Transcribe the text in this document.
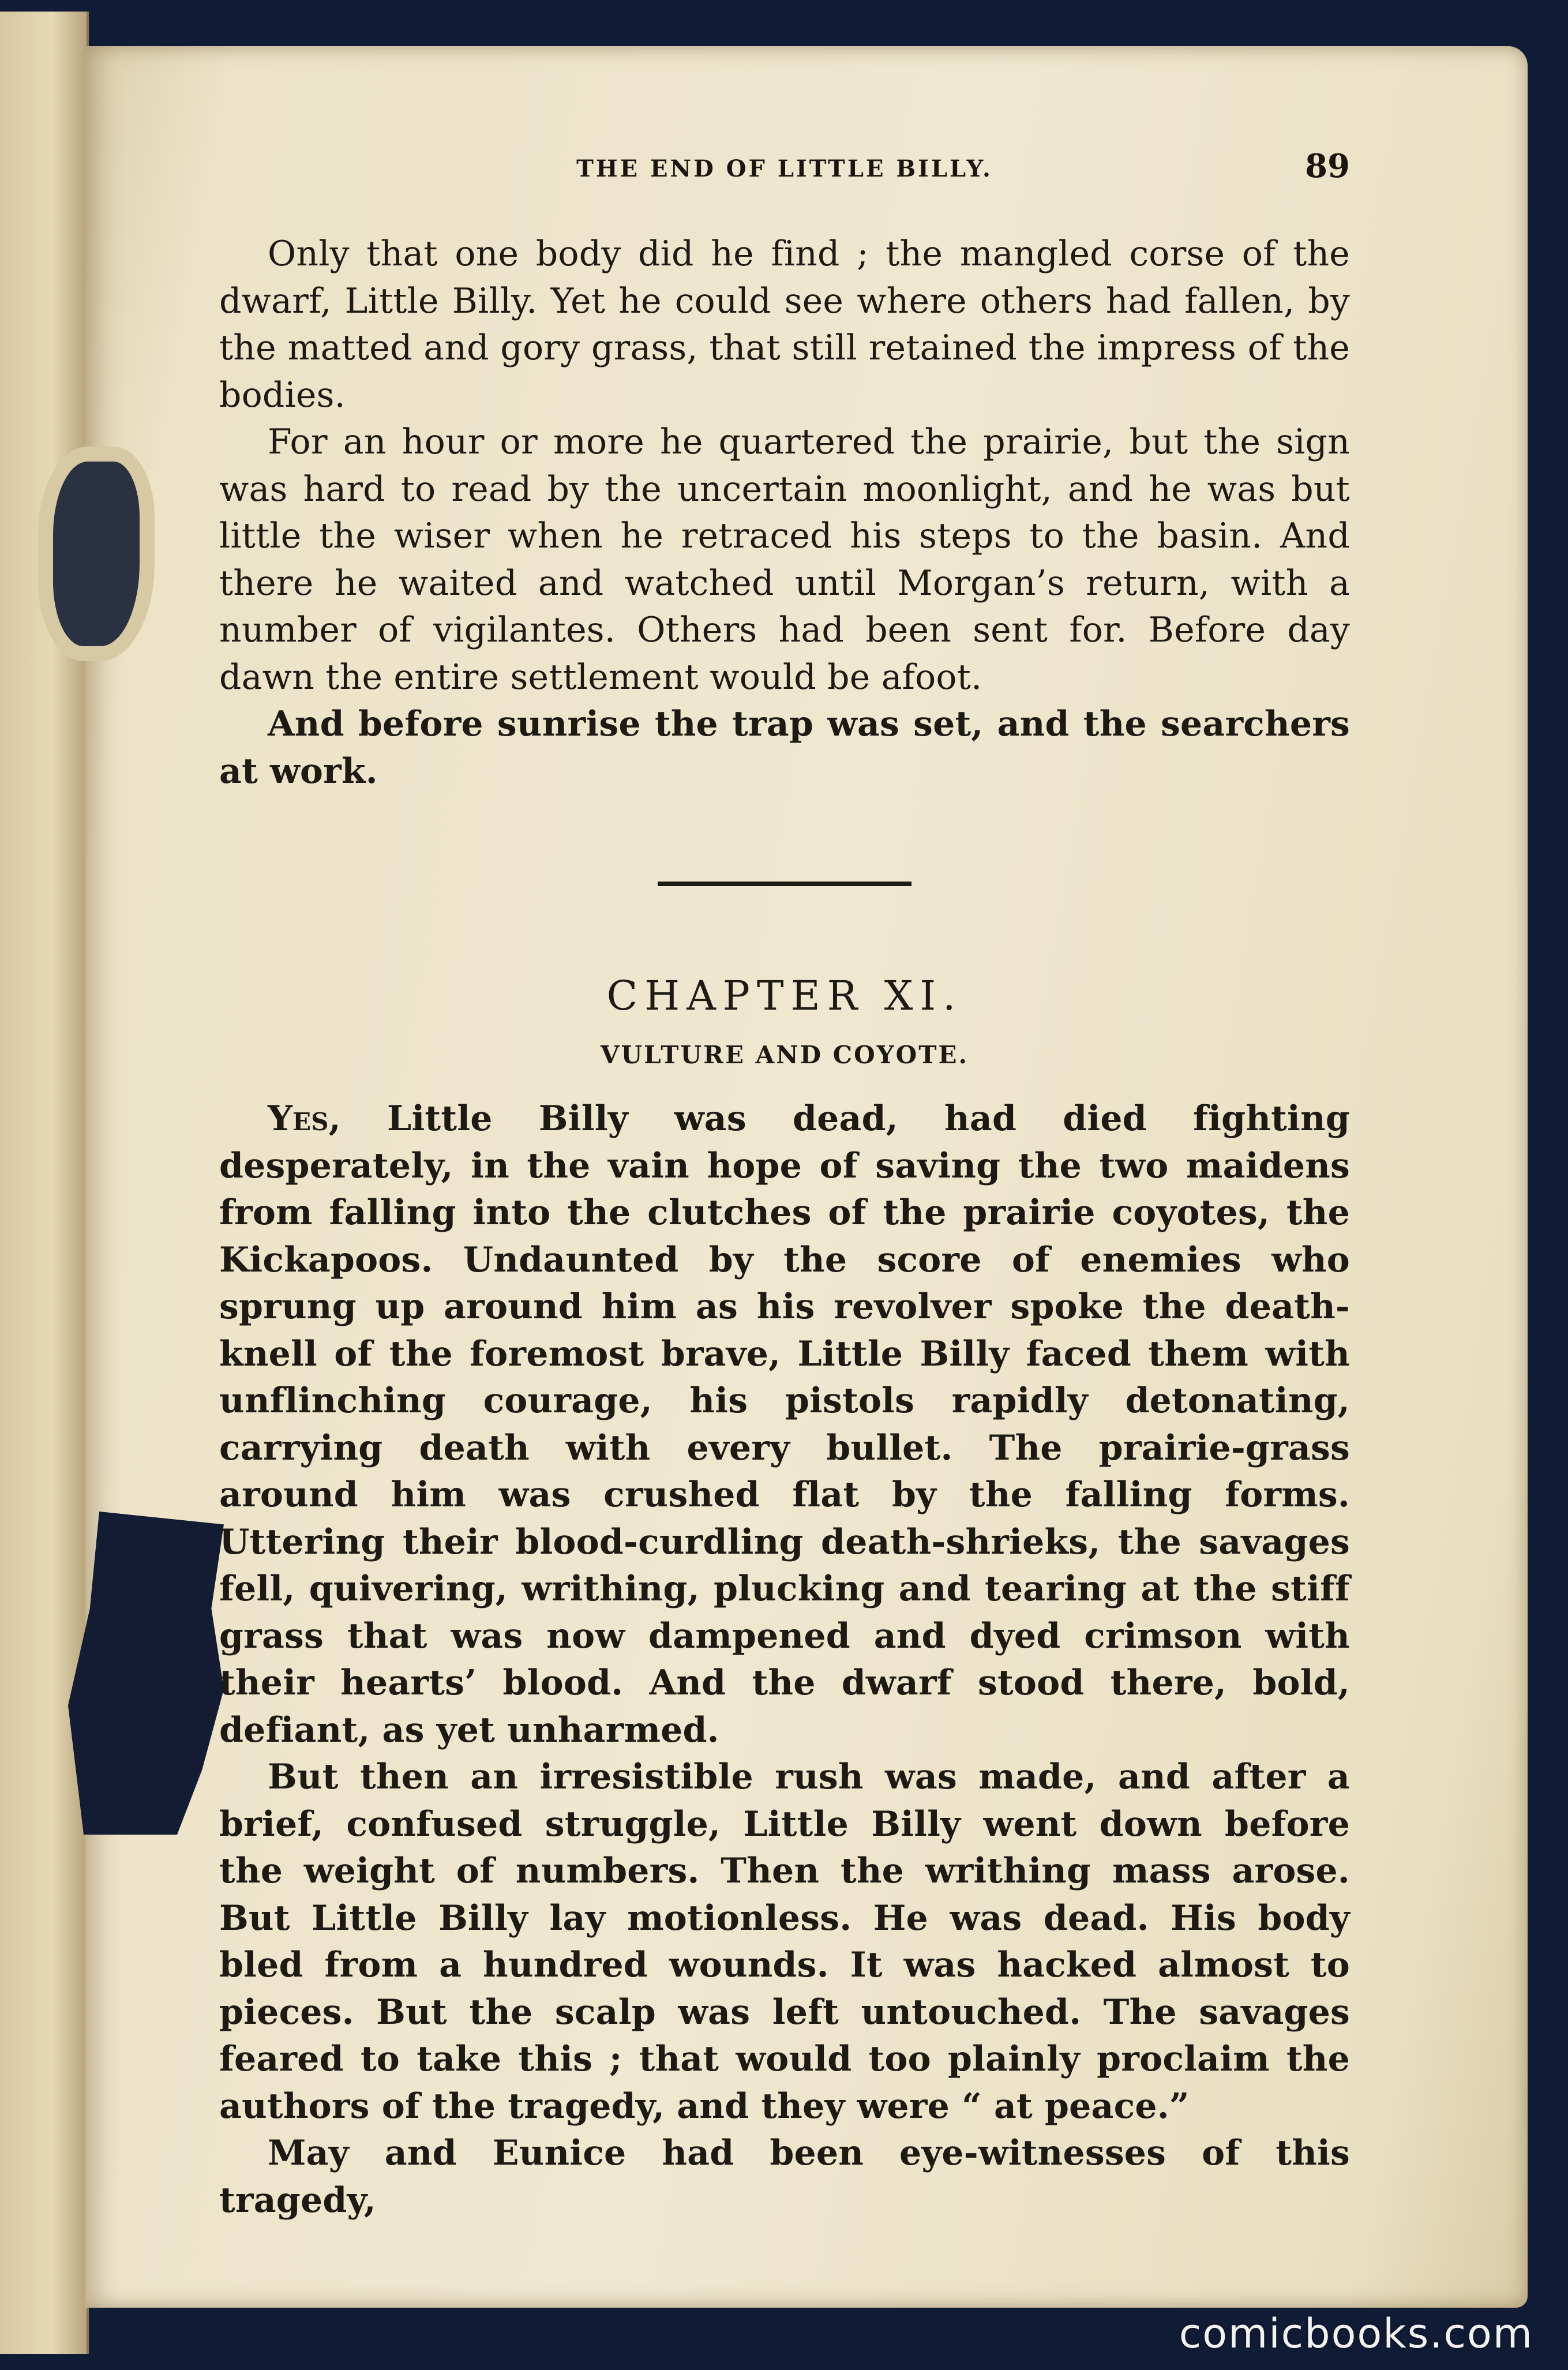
THE END OF LITTLE BILLY.	89

Only that one body did he find ; the mangled corse of the dwarf, Little Billy. Yet he could see where others had fallen, by the matted and gory grass, that still retained the impress of the bodies.

For an hour or more he quartered the prairie, but the sign was hard to read by the uncertain moonlight, and he was but little the wiser when he retraced his steps to the basin. And there he waited and watched until Morgan’s return, with a number of vigilantes. Others had been sent for. Before day dawn the entire settlement would be afoot.

And before sunrise the trap was set, and the searchers at work.

CHAPTER XI.
VULTURE AND COYOTE.

Yes, Little Billy was dead, had died fighting desperately, in the vain hope of saving the two maidens from falling into the clutches of the prairie coyotes, the Kickapoos. Undaunted by the score of enemies who sprung up around him as his revolver spoke the death-knell of the foremost brave, Little Billy faced them with unflinching courage, his pistols rapidly detonating, carrying death with every bullet. The prairie-grass around him was crushed flat by the falling forms. Uttering their blood-curdling death-shrieks, the savages fell, quivering, writhing, plucking and tearing at the stiff grass that was now dampened and dyed crimson with their hearts’ blood. And the dwarf stood there, bold, defiant, as yet unharmed.

But then an irresistible rush was made, and after a brief, confused struggle, Little Billy went down before the weight of numbers. Then the writhing mass arose. But Little Billy lay motionless. He was dead. His body bled from a hundred wounds. It was hacked almost to pieces. But the scalp was left untouched. The savages feared to take this ; that would too plainly proclaim the authors of the tragedy, and they were “ at peace.”

May and Eunice had been eye-witnesses of this tragedy,

comicbooks.com
